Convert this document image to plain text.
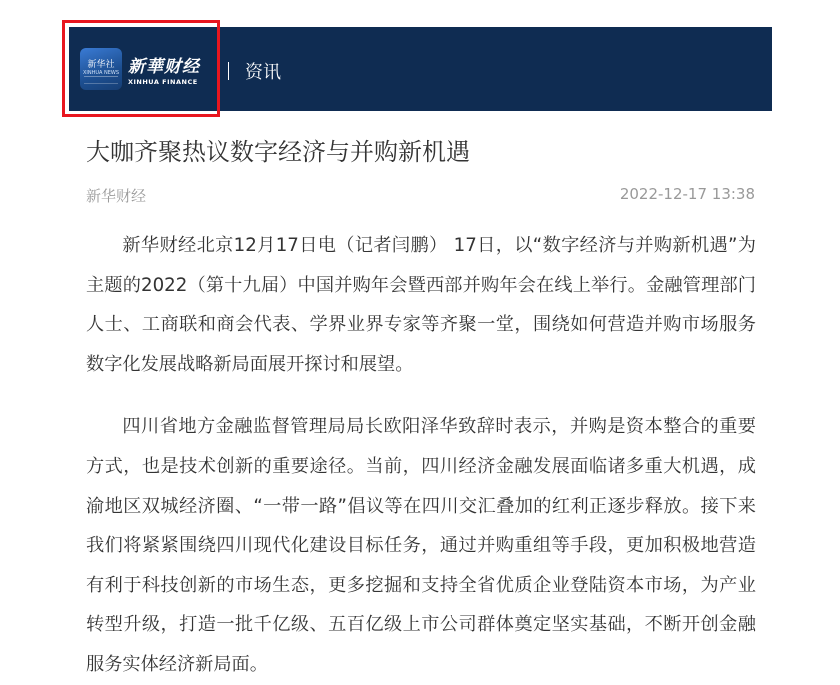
新华社
XINHUA NEWS 新華财经
XINHUA FINANCE	资讯
大咖齐聚热议数字经济与并购新机遇
新华财经	2022-12-17 13:38

新华财经北京12月17日电（记者闫鹏） 17日，以“数字经济与并购新机遇”为主题的2022（第十九届）中国并购年会暨西部并购年会在线上举行。金融管理部门人士、工商联和商会代表、学界业界专家等齐聚一堂，围绕如何营造并购市场服务数字化发展战略新局面展开探讨和展望。

四川省地方金融监督管理局局长欧阳泽华致辞时表示，并购是资本整合的重要方式，也是技术创新的重要途径。当前，四川经济金融发展面临诸多重大机遇，成渝地区双城经济圈、“一带一路”倡议等在四川交汇叠加的红利正逐步释放。接下来我们将紧紧围绕四川现代化建设目标任务，通过并购重组等手段，更加积极地营造有利于科技创新的市场生态，更多挖掘和支持全省优质企业登陆资本市场，为产业转型升级，打造一批千亿级、五百亿级上市公司群体奠定坚实基础，不断开创金融服务实体经济新局面。
